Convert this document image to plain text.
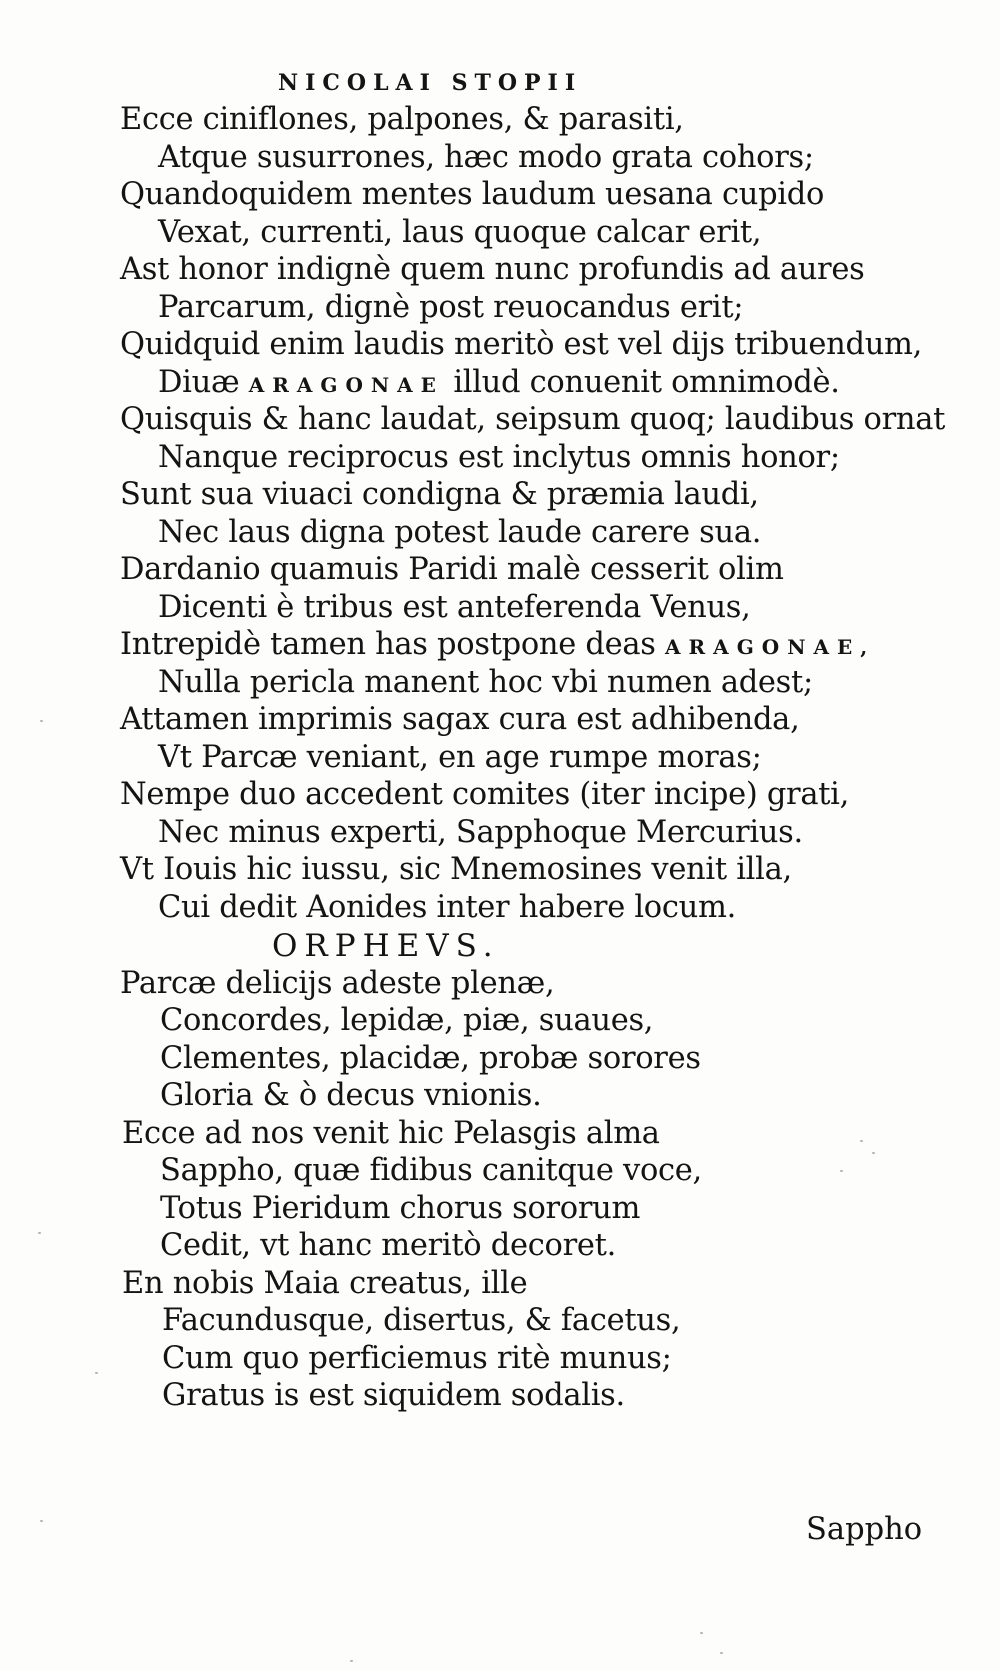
NICOLAI STOPII
Ecce ciniflones, palpones, & parasiti,
Atque susurrones, hæc modo grata cohors;
Quandoquidem mentes laudum uesana cupido
Vexat, currenti, laus quoque calcar erit,
Ast honor indignè quem nunc profundis ad aures
Parcarum, dignè post reuocandus erit;
Quidquid enim laudis meritò est vel dijs tribuendum,
Diuæ ARAGONAE illud conuenit omnimodè.
Quisquis & hanc laudat, seipsum quoq; laudibus ornat
Nanque reciprocus est inclytus omnis honor;
Sunt sua viuaci condigna & præmia laudi,
Nec laus digna potest laude carere sua.
Dardanio quamuis Paridi malè cesserit olim
Dicenti è tribus est anteferenda Venus,
Intrepidè tamen has postpone deas ARAGONAE,
Nulla pericla manent hoc vbi numen adest;
Attamen imprimis sagax cura est adhibenda,
Vt Parcæ veniant, en age rumpe moras;
Nempe duo accedent comites (iter incipe) grati,
Nec minus experti, Sapphoque Mercurius.
Vt Iouis hic iussu, sic Mnemosines venit illa,
Cui dedit Aonides inter habere locum.
ORPHEVS.
Parcæ delicijs adeste plenæ,
Concordes, lepidæ, piæ, suaues,
Clementes, placidæ, probæ sorores
Gloria & ò decus vnionis.
Ecce ad nos venit hic Pelasgis alma
Sappho, quæ fidibus canitque voce,
Totus Pieridum chorus sororum
Cedit, vt hanc meritò decoret.
En nobis Maia creatus, ille
Facundusque, disertus, & facetus,
Cum quo perficiemus ritè munus;
Gratus is est siquidem sodalis.
Sappho
